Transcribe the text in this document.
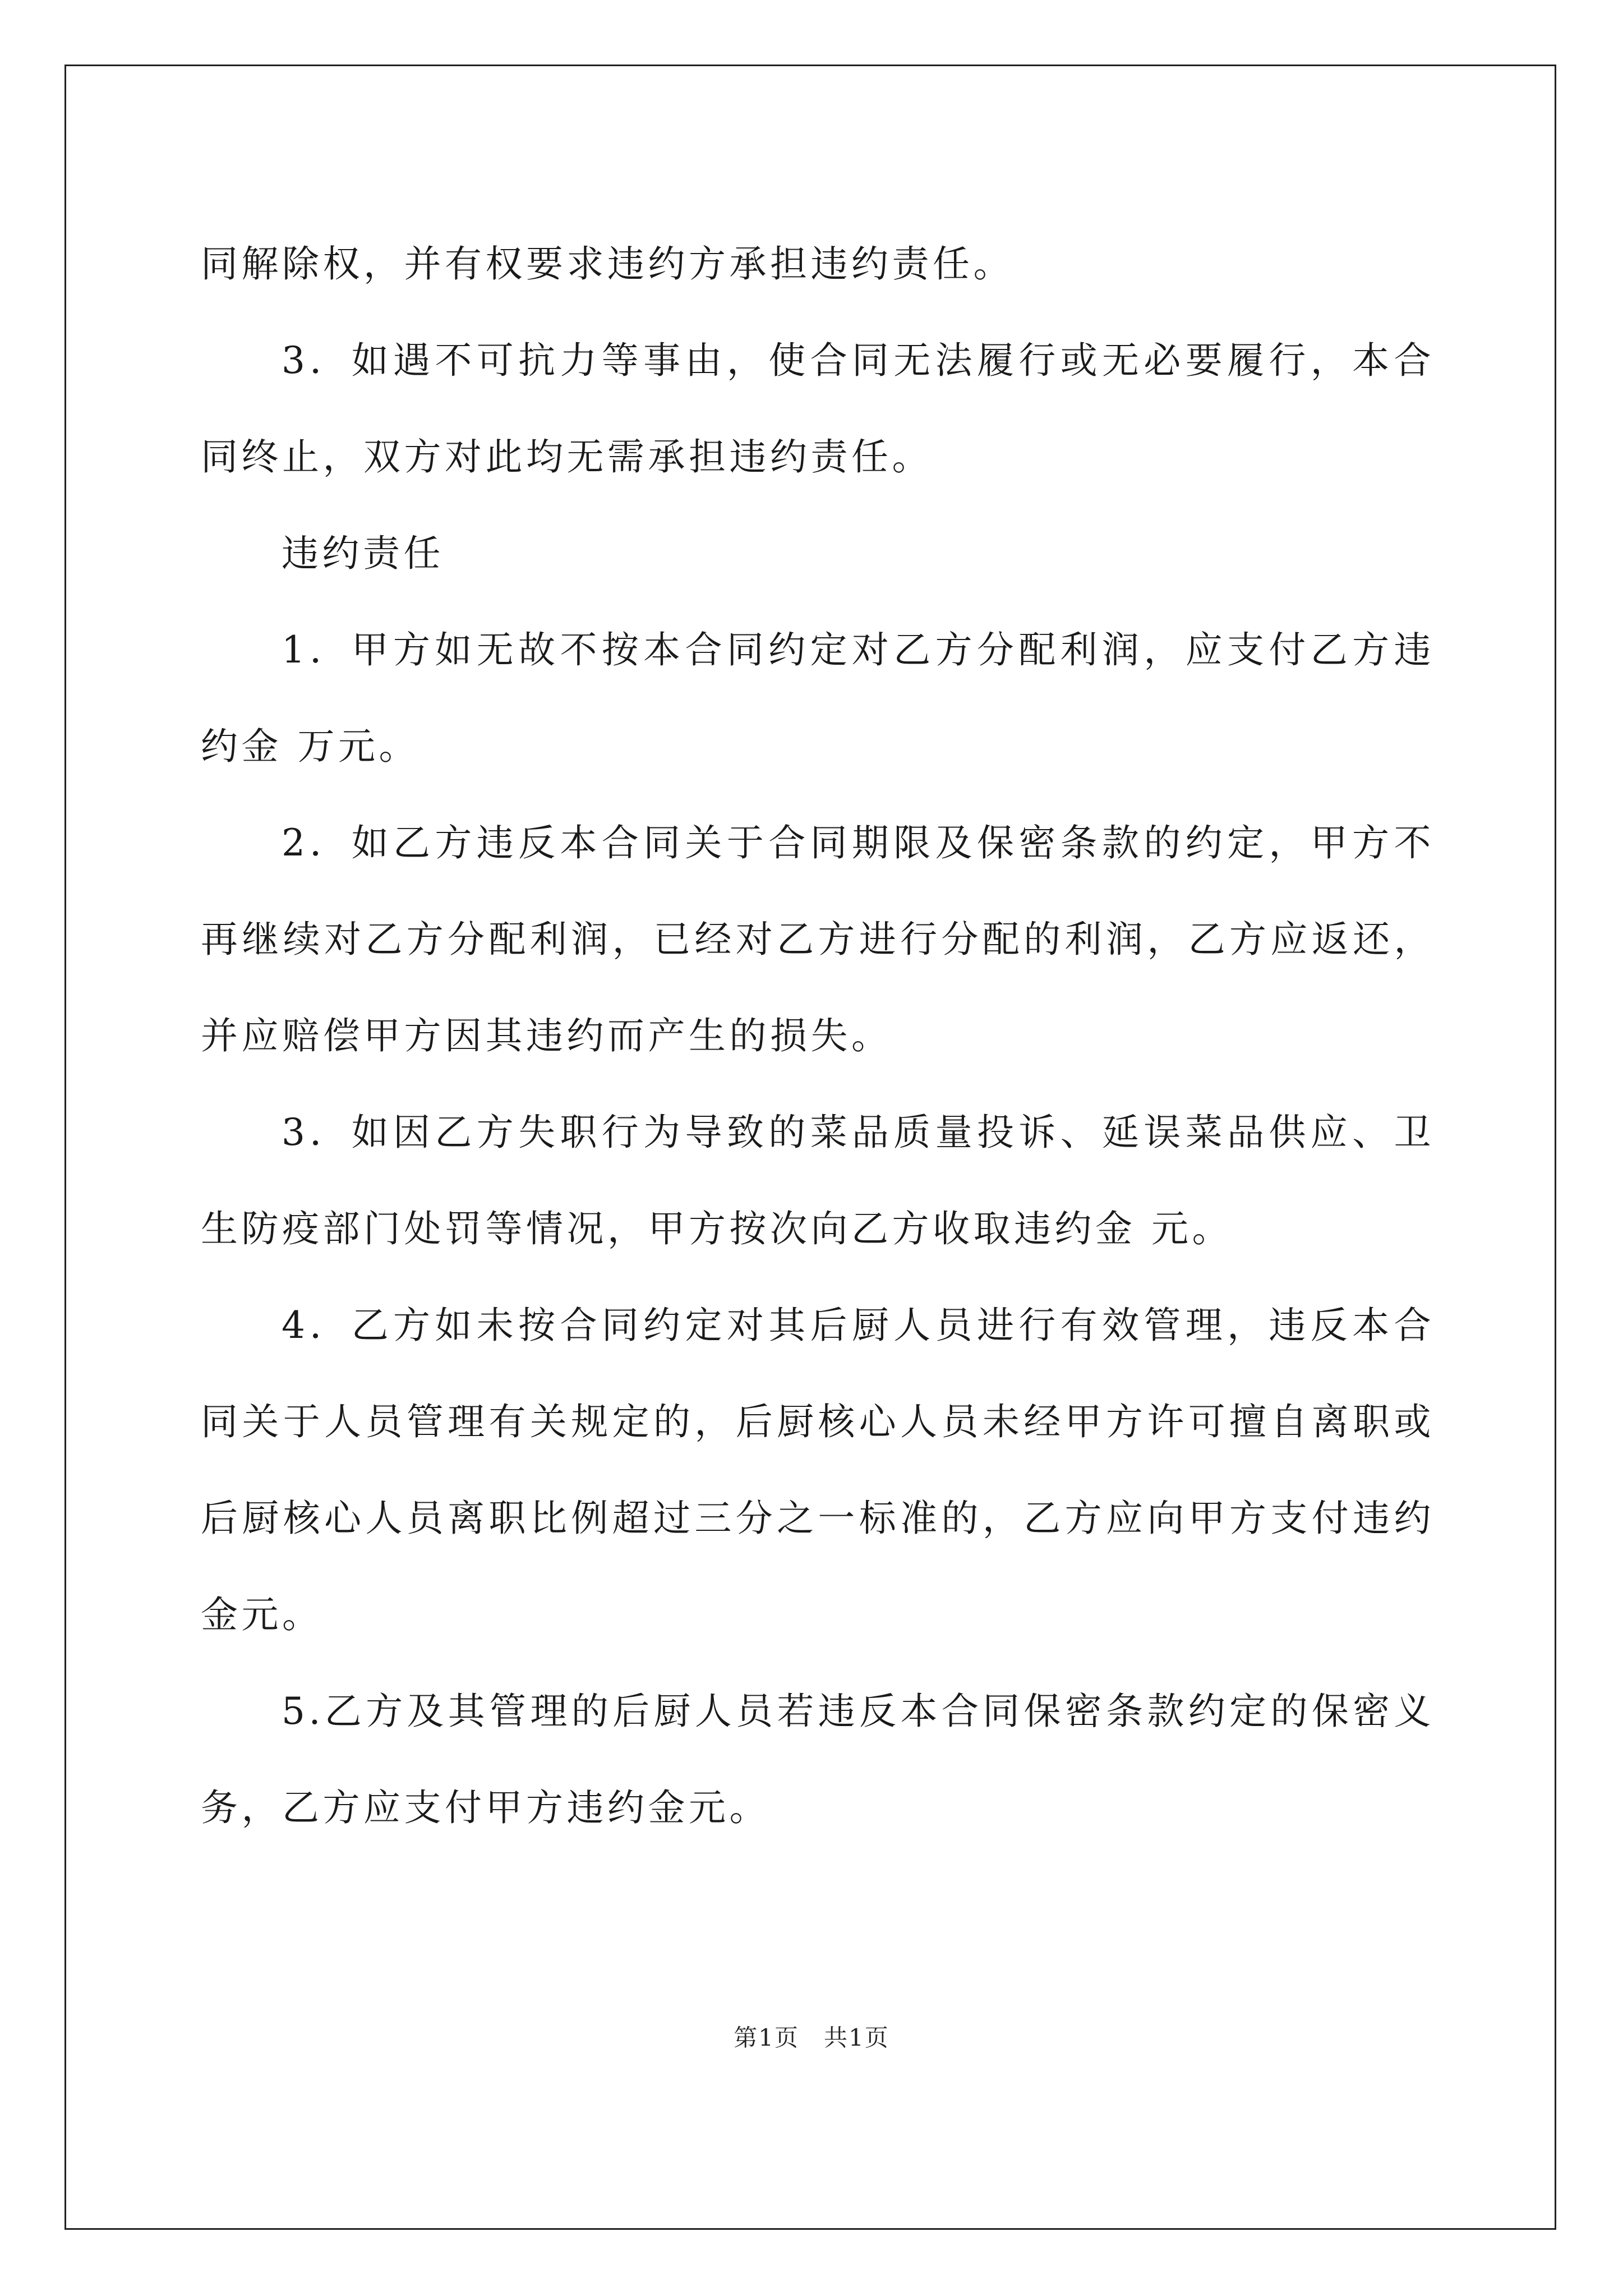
同解除权，并有权要求违约方承担违约责任。

3．如遇不可抗力等事由，使合同无法履行或无必要履行，本合同终止，双方对此均无需承担违约责任。

违约责任

1．甲方如无故不按本合同约定对乙方分配利润，应支付乙方违约金 万元。

2．如乙方违反本合同关于合同期限及保密条款的约定，甲方不再继续对乙方分配利润，已经对乙方进行分配的利润，乙方应返还，并应赔偿甲方因其违约而产生的损失。

3．如因乙方失职行为导致的菜品质量投诉、延误菜品供应、卫生防疫部门处罚等情况，甲方按次向乙方收取违约金 元。

4．乙方如未按合同约定对其后厨人员进行有效管理，违反本合同关于人员管理有关规定的，后厨核心人员未经甲方许可擅自离职或后厨核心人员离职比例超过三分之一标准的，乙方应向甲方支付违约金元。

5.乙方及其管理的后厨人员若违反本合同保密条款约定的保密义务，乙方应支付甲方违约金元。

第1页　共1页
